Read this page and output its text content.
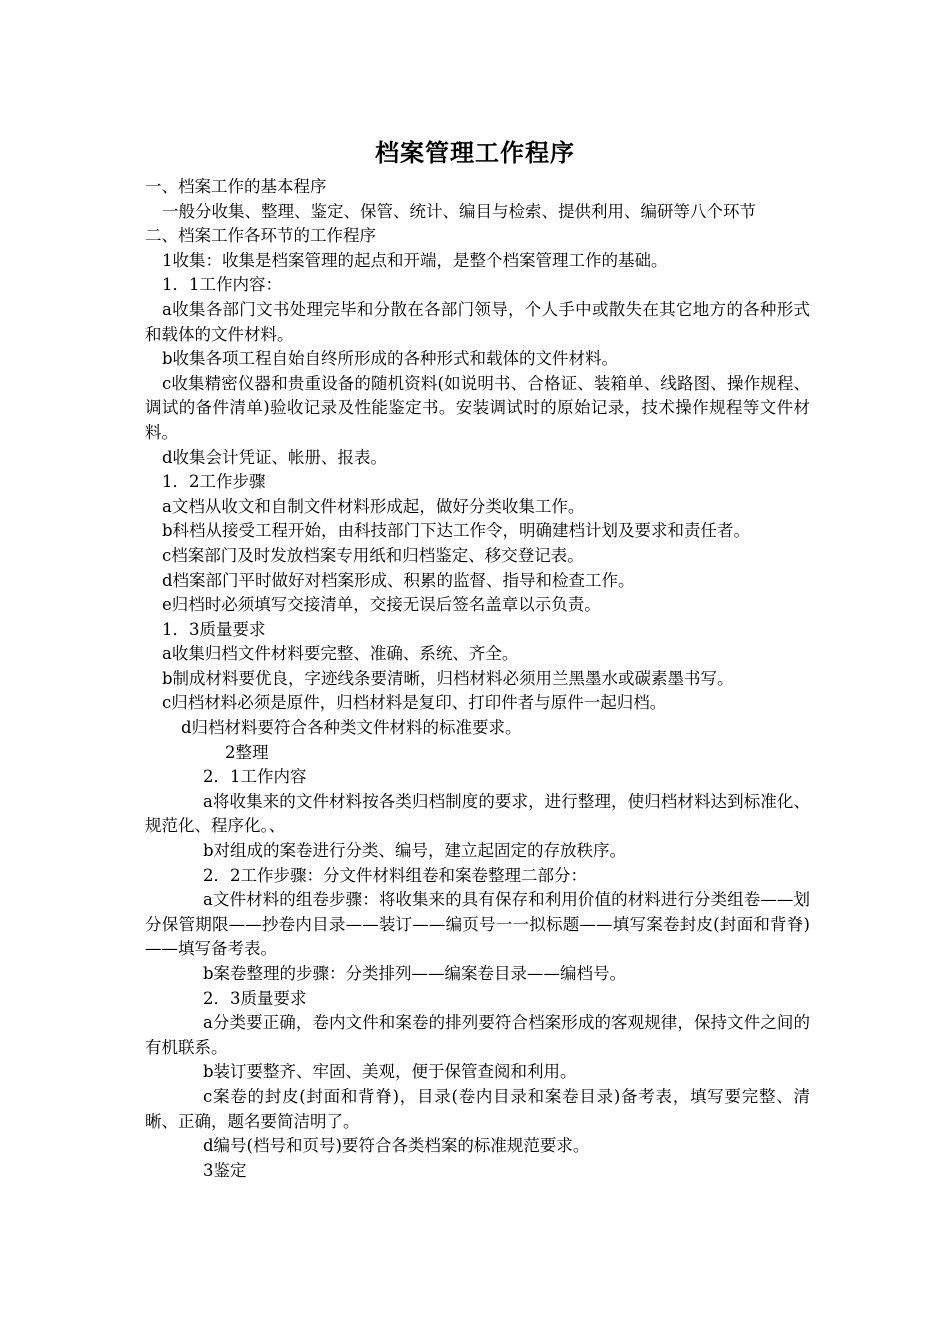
档案管理工作程序

一、档案工作的基本程序

一般分收集、整理、鉴定、保管、统计、编目与检索、提供利用、编研等八个环节

二、档案工作各环节的工作程序

1收集：收集是档案管理的起点和开端，是整个档案管理工作的基础。

1．1工作内容：

a收集各部门文书处理完毕和分散在各部门领导，个人手中或散失在其它地方的各种形式和载体的文件材料。

b收集各项工程自始自终所形成的各种形式和载体的文件材料。

c收集精密仪器和贵重设备的随机资料(如说明书、合格证、装箱单、线路图、操作规程、调试的备件清单)验收记录及性能鉴定书。安装调试时的原始记录，技术操作规程等文件材料。

d收集会计凭证、帐册、报表。

1．2工作步骤

a文档从收文和自制文件材料形成起，做好分类收集工作。

b科档从接受工程开始，由科技部门下达工作令，明确建档计划及要求和责任者。

c档案部门及时发放档案专用纸和归档鉴定、移交登记表。

d档案部门平时做好对档案形成、积累的监督、指导和检查工作。

e归档时必须填写交接清单，交接无误后签名盖章以示负责。

1．3质量要求

a收集归档文件材料要完整、准确、系统、齐全。

b制成材料要优良，字迹线条要清晰，归档材料必须用兰黑墨水或碳素墨书写。

c归档材料必须是原件，归档材料是复印、打印件者与原件一起归档。

d归档材料要符合各种类文件材料的标准要求。

2整理

2．1工作内容

a将收集来的文件材料按各类归档制度的要求，进行整理，使归档材料达到标准化、规范化、程序化。、

b对组成的案卷进行分类、编号，建立起固定的存放秩序。

2．2工作步骤：分文件材料组卷和案卷整理二部分：

a文件材料的组卷步骤：将收集来的具有保存和利用价值的材料进行分类组卷——划分保管期限——抄卷内目录——装订——编页号一一拟标题——填写案卷封皮(封面和背脊)——填写备考表。

b案卷整理的步骤：分类排列——编案卷目录——编档号。

2．3质量要求

a分类要正确，卷内文件和案卷的排列要符合档案形成的客观规律，保持文件之间的有机联系。

b装订要整齐、牢固、美观，便于保管查阅和利用。

c案卷的封皮(封面和背脊)，目录(卷内目录和案卷目录)备考表，填写要完整、清晰、正确，题名要简洁明了。

d编号(档号和页号)要符合各类档案的标准规范要求。

3鉴定
